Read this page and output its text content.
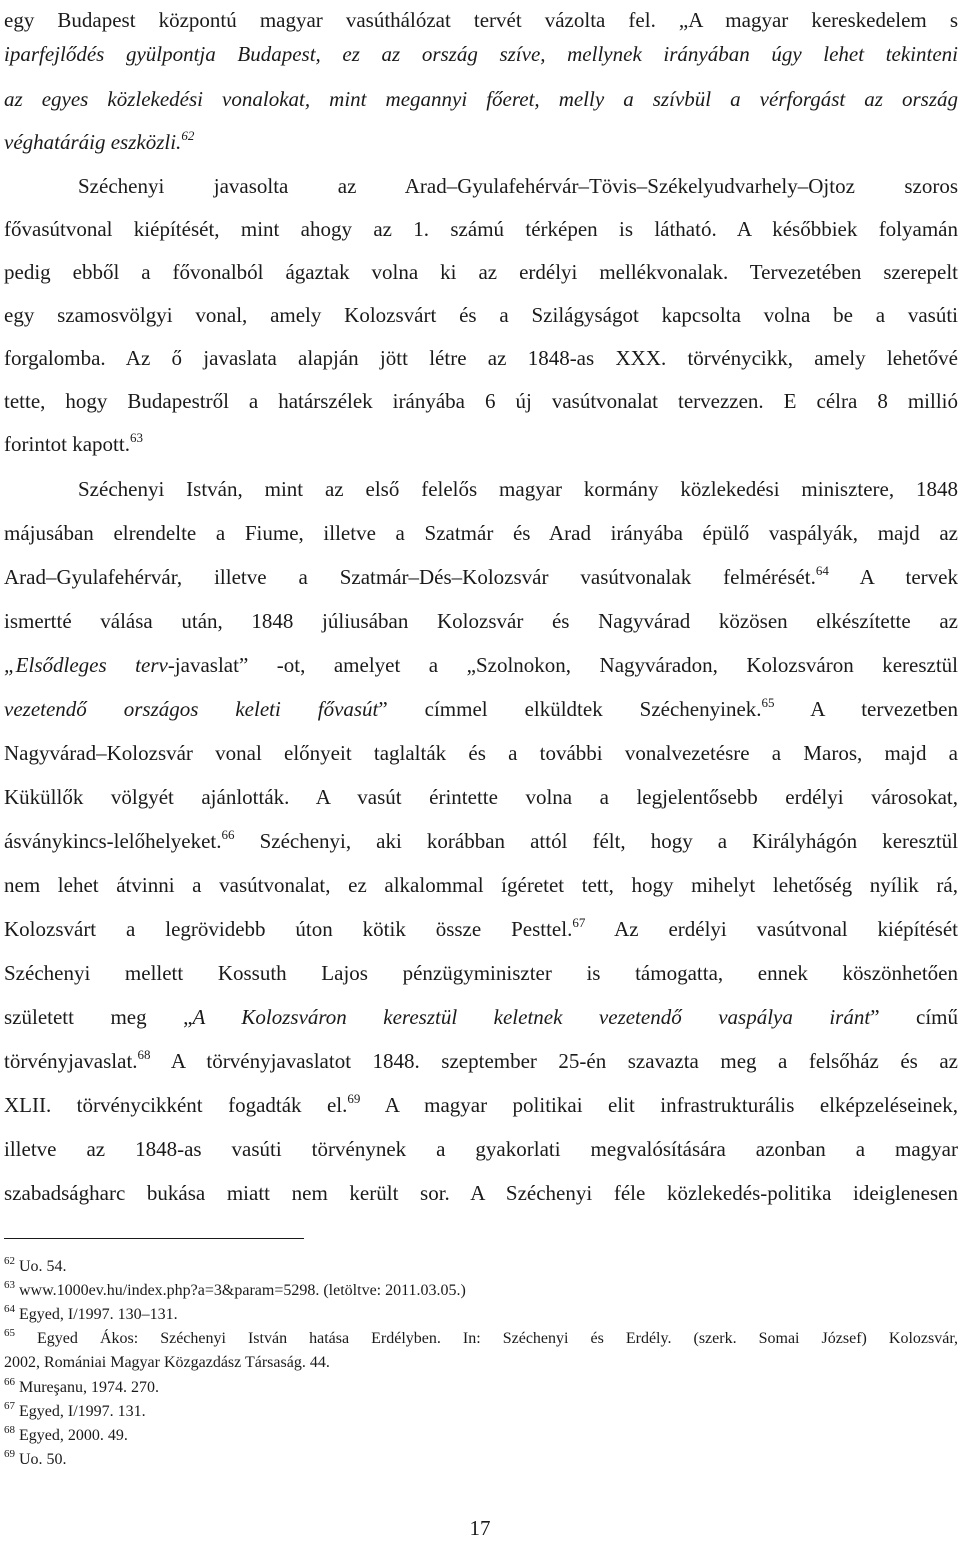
egy Budapest központú magyar vasúthálózat tervét vázolta fel. „A magyar kereskedelem s
iparfejlődés gyülpontja Budapest, ez az ország szíve, mellynek irányában úgy lehet tekinteni
az egyes közlekedési vonalokat, mint megannyi főeret, melly a szívbül a vérforgást az ország
véghatáráig eszközli.$^{62}$
Széchenyi javasolta az Arad–Gyulafehérvár–Tövis–Székelyudvarhely–Ojtoz szoros
fővasútvonal kiépítését, mint ahogy az 1. számú térképen is látható. A későbbiek folyamán
pedig ebből a fővonalból ágaztak volna ki az erdélyi mellékvonalak. Tervezetében szerepelt
egy szamosvölgyi vonal, amely Kolozsvárt és a Szilágyságot kapcsolta volna be a vasúti
forgalomba. Az ő javaslata alapján jött létre az 1848-as XXX. törvénycikk, amely lehetővé
tette, hogy Budapestről a határszélek irányába 6 új vasútvonalat tervezzen. E célra 8 millió
forintot kapott.$^{63}$
Széchenyi István, mint az első felelős magyar kormány közlekedési minisztere, 1848
májusában elrendelte a Fiume, illetve a Szatmár és Arad irányába épülő vaspályák, majd az
Arad–Gyulafehérvár, illetve a Szatmár–Dés–Kolozsvár vasútvonalak felmérését.$^{64}$ A tervek
ismertté válása után, 1848 júliusában Kolozsvár és Nagyvárad közösen elkészítette az
„Elsődleges terv-javaslat” -ot, amelyet a „Szolnokon, Nagyváradon, Kolozsváron keresztül
vezetendő országos keleti fővasút” címmel elküldtek Széchenyinek.$^{65}$ A tervezetben
Nagyvárad–Kolozsvár vonal előnyeit taglalták és a további vonalvezetésre a Maros, majd a
Küküllők völgyét ajánlották. A vasút érintette volna a legjelentősebb erdélyi városokat,
ásványkincs-lelőhelyeket.$^{66}$ Széchenyi, aki korábban attól félt, hogy a Királyhágón keresztül
nem lehet átvinni a vasútvonalat, ez alkalommal ígéretet tett, hogy mihelyt lehetőség nyílik rá,
Kolozsvárt a legrövidebb úton kötik össze Pesttel.$^{67}$ Az erdélyi vasútvonal kiépítését
Széchenyi mellett Kossuth Lajos pénzügyminiszter is támogatta, ennek köszönhetően
született meg „A Kolozsváron keresztül keletnek vezetendő vaspálya iránt” című
törvényjavaslat.$^{68}$ A törvényjavaslatot 1848. szeptember 25-én szavazta meg a felsőház és az
XLII. törvénycikként fogadták el.$^{69}$ A magyar politikai elit infrastrukturális elképzeléseinek,
illetve az 1848-as vasúti törvénynek a gyakorlati megvalósítására azonban a magyar
szabadságharc bukása miatt nem került sor. A Széchenyi féle közlekedés-politika ideiglenesen
$^{62}$ Uo. 54.
$^{63}$ www.1000ev.hu/index.php?a=3&param=5298. (letöltve: 2011.03.05.)
$^{64}$ Egyed, I/1997. 130–131.
$^{65}$ Egyed Ákos: Széchenyi István hatása Erdélyben. In: Széchenyi és Erdély. (szerk. Somai József) Kolozsvár,
2002, Romániai Magyar Közgazdász Társaság. 44.
$^{66}$ Mureşanu, 1974. 270.
$^{67}$ Egyed, I/1997. 131.
$^{68}$ Egyed, 2000. 49.
$^{69}$ Uo. 50.
17
